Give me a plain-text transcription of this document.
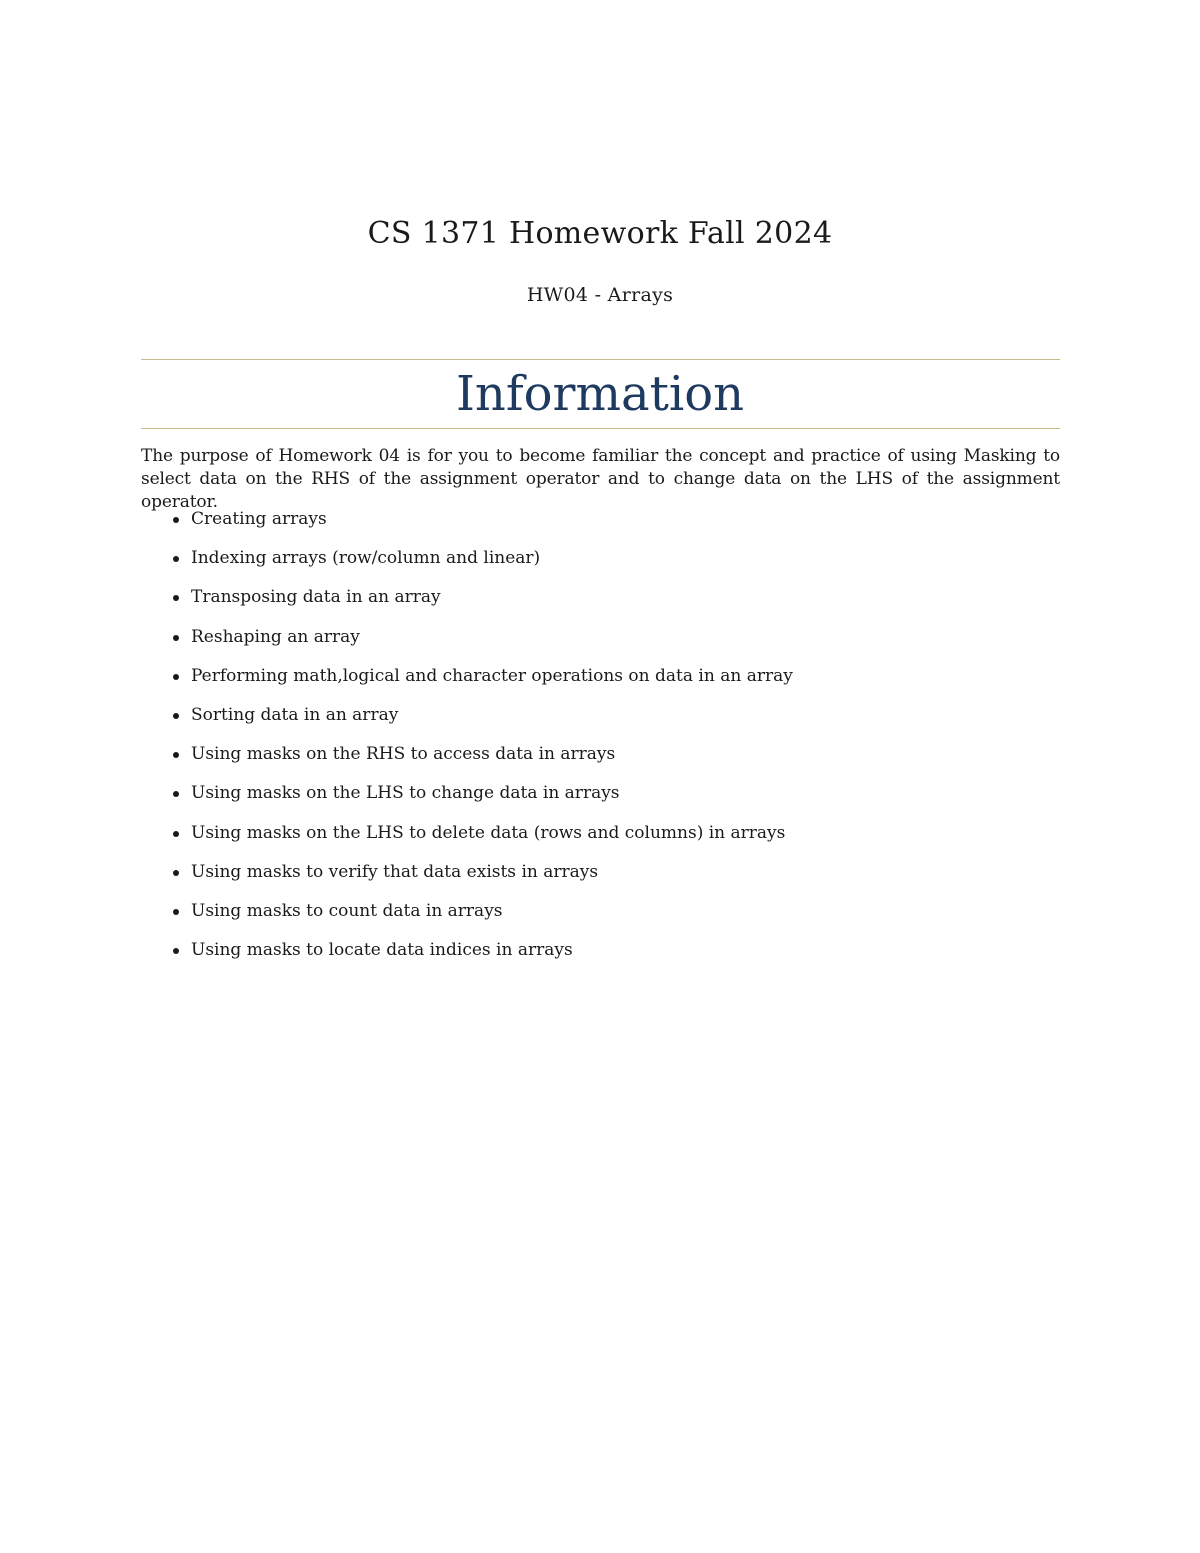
CS 1371 Homework Fall 2024

HW04 - Arrays

Information

The purpose of Homework 04 is for you to become familiar the concept and practice of using Masking to select data on the RHS of the assignment operator and to change data on the LHS of the assignment operator.

Creating arrays
Indexing arrays (row/column and linear)
Transposing data in an array
Reshaping an array
Performing math,logical and character operations on data in an array
Sorting data in an array
Using masks on the RHS to access data in arrays
Using masks on the LHS to change data in arrays
Using masks on the LHS to delete data (rows and columns) in arrays
Using masks to verify that data exists in arrays
Using masks to count data in arrays
Using masks to locate data indices in arrays
